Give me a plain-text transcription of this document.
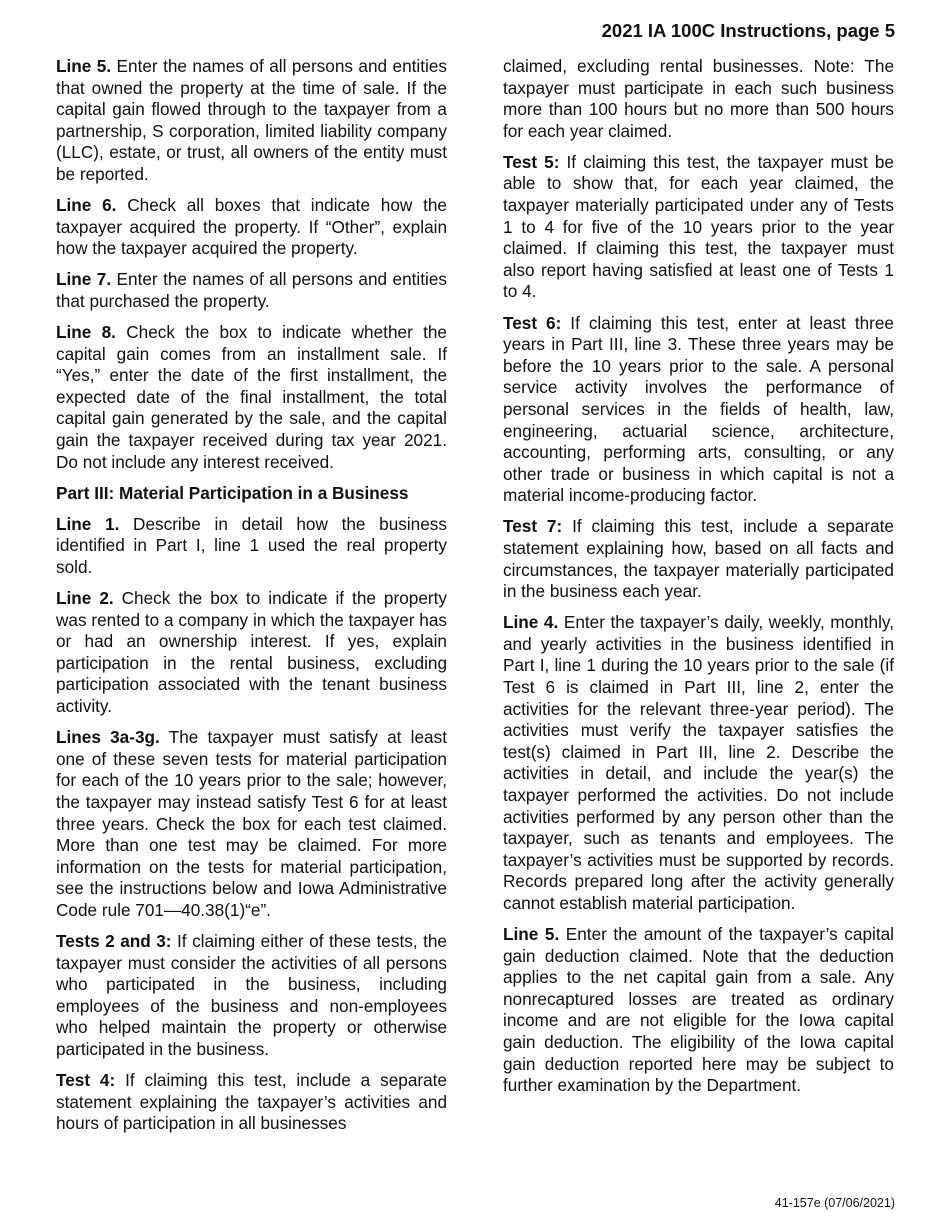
2021 IA 100C Instructions, page 5

Line 5. Enter the names of all persons and entities that owned the property at the time of sale. If the capital gain flowed through to the taxpayer from a partnership, S corporation, limited liability company (LLC), estate, or trust, all owners of the entity must be reported.

Line 6. Check all boxes that indicate how the taxpayer acquired the property. If “Other”, explain how the taxpayer acquired the property.

Line 7. Enter the names of all persons and entities that purchased the property.

Line 8. Check the box to indicate whether the capital gain comes from an installment sale. If “Yes,” enter the date of the first installment, the expected date of the final installment, the total capital gain generated by the sale, and the capital gain the taxpayer received during tax year 2021. Do not include any interest received.

Part III: Material Participation in a Business

Line 1. Describe in detail how the business identified in Part I, line 1 used the real property sold.

Line 2. Check the box to indicate if the property was rented to a company in which the taxpayer has or had an ownership interest. If yes, explain participation in the rental business, excluding participation associated with the tenant business activity.

Lines 3a-3g. The taxpayer must satisfy at least one of these seven tests for material participation for each of the 10 years prior to the sale; however, the taxpayer may instead satisfy Test 6 for at least three years. Check the box for each test claimed. More than one test may be claimed. For more information on the tests for material participation, see the instructions below and Iowa Administrative Code rule 701—40.38(1)“e”.

Tests 2 and 3: If claiming either of these tests, the taxpayer must consider the activities of all persons who participated in the business, including employees of the business and non-employees who helped maintain the property or otherwise participated in the business.

Test 4: If claiming this test, include a separate statement explaining the taxpayer’s activities and hours of participation in all businesses

claimed, excluding rental businesses. Note: The taxpayer must participate in each such business more than 100 hours but no more than 500 hours for each year claimed.

Test 5: If claiming this test, the taxpayer must be able to show that, for each year claimed, the taxpayer materially participated under any of Tests 1 to 4 for five of the 10 years prior to the year claimed. If claiming this test, the taxpayer must also report having satisfied at least one of Tests 1 to 4.

Test 6: If claiming this test, enter at least three years in Part III, line 3. These three years may be before the 10 years prior to the sale. A personal service activity involves the performance of personal services in the fields of health, law, engineering, actuarial science, architecture, accounting, performing arts, consulting, or any other trade or business in which capital is not a material income-producing factor.

Test 7: If claiming this test, include a separate statement explaining how, based on all facts and circumstances, the taxpayer materially participated in the business each year.

Line 4. Enter the taxpayer’s daily, weekly, monthly, and yearly activities in the business identified in Part I, line 1 during the 10 years prior to the sale (if Test 6 is claimed in Part III, line 2, enter the activities for the relevant three-year period). The activities must verify the taxpayer satisfies the test(s) claimed in Part III, line 2. Describe the activities in detail, and include the year(s) the taxpayer performed the activities. Do not include activities performed by any person other than the taxpayer, such as tenants and employees. The taxpayer’s activities must be supported by records. Records prepared long after the activity generally cannot establish material participation.

Line 5. Enter the amount of the taxpayer’s capital gain deduction claimed. Note that the deduction applies to the net capital gain from a sale. Any nonrecaptured losses are treated as ordinary income and are not eligible for the Iowa capital gain deduction. The eligibility of the Iowa capital gain deduction reported here may be subject to further examination by the Department.

41-157e (07/06/2021)
